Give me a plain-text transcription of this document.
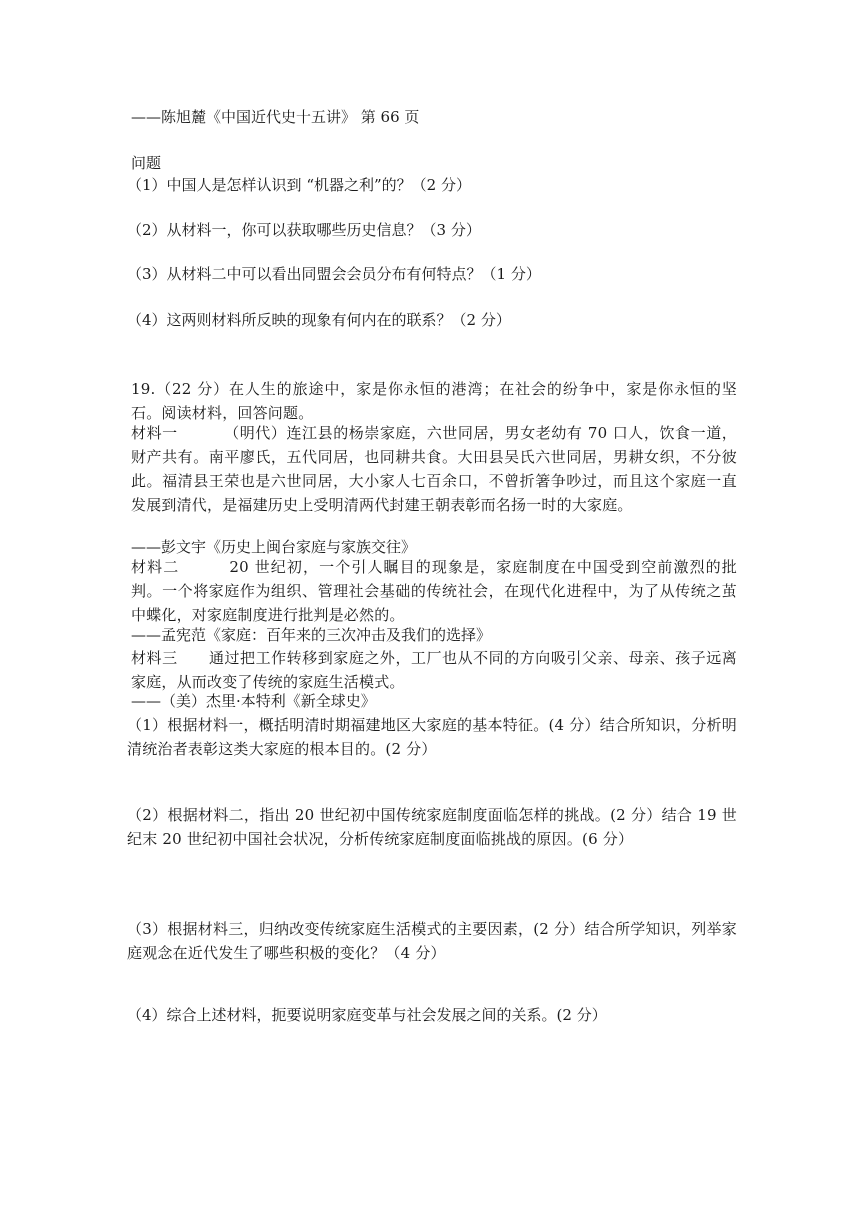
——陈旭麓《中国近代史十五讲》 第 66 页
问题
（1）中国人是怎样认识到 “机器之利”的？（2 分）
（2）从材料一，你可以获取哪些历史信息？（3 分）
（3）从材料二中可以看出同盟会会员分布有何特点？（1 分）
（4）这两则材料所反映的现象有何内在的联系？（2 分）
19.（22 分）在人生的旅途中，家是你永恒的港湾；在社会的纷争中，家是你永恒的坚石。阅读材料，回答问题。
材料一	（明代）连江县的杨崇家庭，六世同居，男女老幼有 70 口人，饮食一道，财产共有。南平廖氏，五代同居，也同耕共食。大田县吴氏六世同居，男耕女织，不分彼此。福清县王荣也是六世同居，大小家人七百余口，不曾折箸争吵过，而且这个家庭一直发展到清代，是福建历史上受明清两代封建王朝表彰而名扬一时的大家庭。
——彭文宇《历史上闽台家庭与家族交往》
材料二	20 世纪初，一个引人瞩目的现象是，家庭制度在中国受到空前激烈的批判。一个将家庭作为组织、管理社会基础的传统社会，在现代化进程中，为了从传统之茧中蝶化，对家庭制度进行批判是必然的。
——孟宪范《家庭：百年来的三次冲击及我们的选择》
材料三 通过把工作转移到家庭之外，工厂也从不同的方向吸引父亲、母亲、孩子远离家庭，从而改变了传统的家庭生活模式。
——（美）杰里·本特利《新全球史》
（1）根据材料一，概括明清时期福建地区大家庭的基本特征。(4 分）结合所知识，分析明清统治者表彰这类大家庭的根本目的。(2 分）
（2）根据材料二，指出 20 世纪初中国传统家庭制度面临怎样的挑战。(2 分）结合 19 世纪末 20 世纪初中国社会状况，分析传统家庭制度面临挑战的原因。(6 分）
（3）根据材料三，归纳改变传统家庭生活模式的主要因素，(2 分）结合所学知识，列举家庭观念在近代发生了哪些积极的变化？（4 分）
（4）综合上述材料，扼要说明家庭变革与社会发展之间的关系。(2 分）
